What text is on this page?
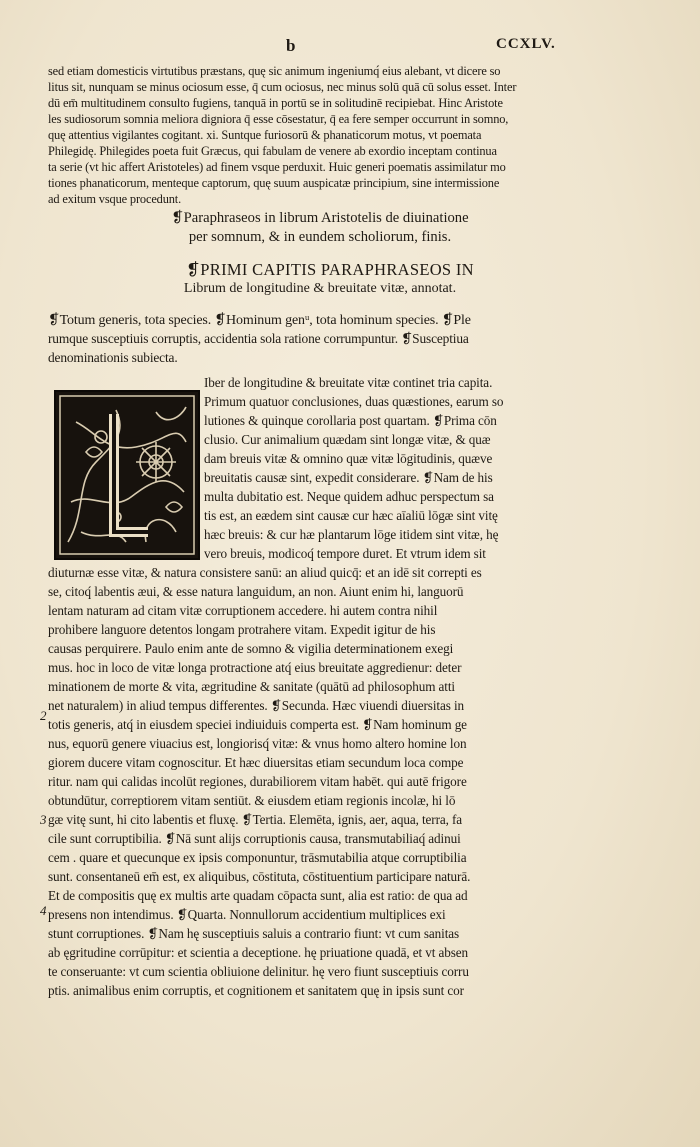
b	CCXLV.
sed etiam domesticis virtutibus præstans, quę sic animum ingeniumq́ eius alebant, vt dicere so
litus sit, nunquam se minus ociosum esse, q̄ cum ociosus, nec minus solū quā cū solus esset. Inter
dū em̄ multitudinem consulto fugiens, tanquā in portū se in solitudinē recipiebat. Hinc Aristote
les sudiosorum somnia meliora digniora q̄ esse cōsestatur, q̄ ea fere semper occurrunt in somno,
quę attentius vigilantes cogitant. xi. Suntque furiosorū & phanaticorum motus, vt poemata
Philegidę. Philegides poeta fuit Græcus, qui fabulam de venere ab exordio inceptam continua
ta serie (vt hic affert Aristoteles) ad finem vsque perduxit. Huic generi poematis assimilatur mo
tiones phanaticorum, menteque captorum, quę suum auspicatæ principium, sine intermissione
ad exitum vsque procedunt.
❡Paraphraseos in librum Aristotelis de diuinatione
per somnum, & in eundem scholiorum, finis.
❡PRIMI CAPITIS PARAPHRASEOS IN
Librum de longitudine & breuitate vitæ, annotat.
❡Totum generis, tota species. ❡Hominum genᵘ, tota hominum species. ❡Ple
rumque susceptiuis corruptis, accidentia sola ratione corrumpuntur. ❡Susceptiua
denominationis subiecta.
Iber de longitudine & breuitate vitæ continet tria capita.
Primum quatuor conclusiones, duas quæstiones, earum so
lutiones & quinque corollaria post quartam. ❡Prima cōn
clusio. Cur animalium quædam sint longæ vitæ, & quæ
dam breuis vitæ & omnino quæ vitæ lōgitudinis, quæve
breuitatis causæ sint, expedit considerare. ❡Nam de his
multa dubitatio est. Neque quidem adhuc perspectum sa
tis est, an eædem sint causæ cur hæc aīaliū lōgæ sint vitę
hæc breuis: & cur hæ plantarum lōge itidem sint vitæ, hę
vero breuis, modicoq́ tempore duret. Et vtrum idem sit
diuturnæ esse vitæ, & natura consistere sanū: an aliud quicq̄: et an idē sit correpti es
se, citoq́ labentis æui, & esse natura languidum, an non. Aiunt enim hi, languorū
lentam naturam ad citam vitæ corruptionem accedere. hi autem contra nihil
prohibere languore detentos longam protrahere vitam. Expedit igitur de his
causas perquirere. Paulo enim ante de somno & vigilia determinationem exegi
mus. hoc in loco de vitæ longa protractione atq́ eius breuitate aggredienur: deter
minationem de morte & vita, ægritudine & sanitate (quātū ad philosophum atti
net naturalem) in aliud tempus differentes. ❡Secunda. Hæc viuendi diuersitas in
totis generis, atq́ in eiusdem speciei indiuiduis comperta est. ❡Nam hominum ge
nus, equorū genere viuacius est, longiorisq́ vitæ: & vnus homo altero homine lon
giorem ducere vitam cognoscitur. Et hæc diuersitas etiam secundum loca compe
ritur. nam qui calidas incolūt regiones, durabiliorem vitam habēt. qui autē frigore
obtundūtur, correptiorem vitam sentiūt. & eiusdem etiam regionis incolæ, hi lō
gæ vitę sunt, hi cito labentis et fluxę. ❡Tertia. Elemēta, ignis, aer, aqua, terra, fa
cile sunt corruptibilia. ❡Nā sunt alijs corruptionis causa, transmutabiliaq́ adinui
cem . quare et quecunque ex ipsis componuntur, trāsmutabilia atque corruptibilia
sunt. consentaneū em̄ est, ex aliquibus, cōstituta, cōstituentium participare naturā.
Et de compositis quę ex multis arte quadam cōpacta sunt, alia est ratio: de qua ad
presens non intendimus. ❡Quarta. Nonnullorum accidentium multiplices exi
stunt corruptiones. ❡Nam hę susceptiuis saluis a contrario fiunt: vt cum sanitas
ab ęgritudine corrūpitur: et scientia a deceptione. hę priuatione quadā, et vt absen
te conseruante: vt cum scientia obliuione delinitur. hę vero fiunt susceptiuis corru
ptis. animalibus enim corruptis, et cognitionem et sanitatem quę in ipsis sunt cor
2
3
4
